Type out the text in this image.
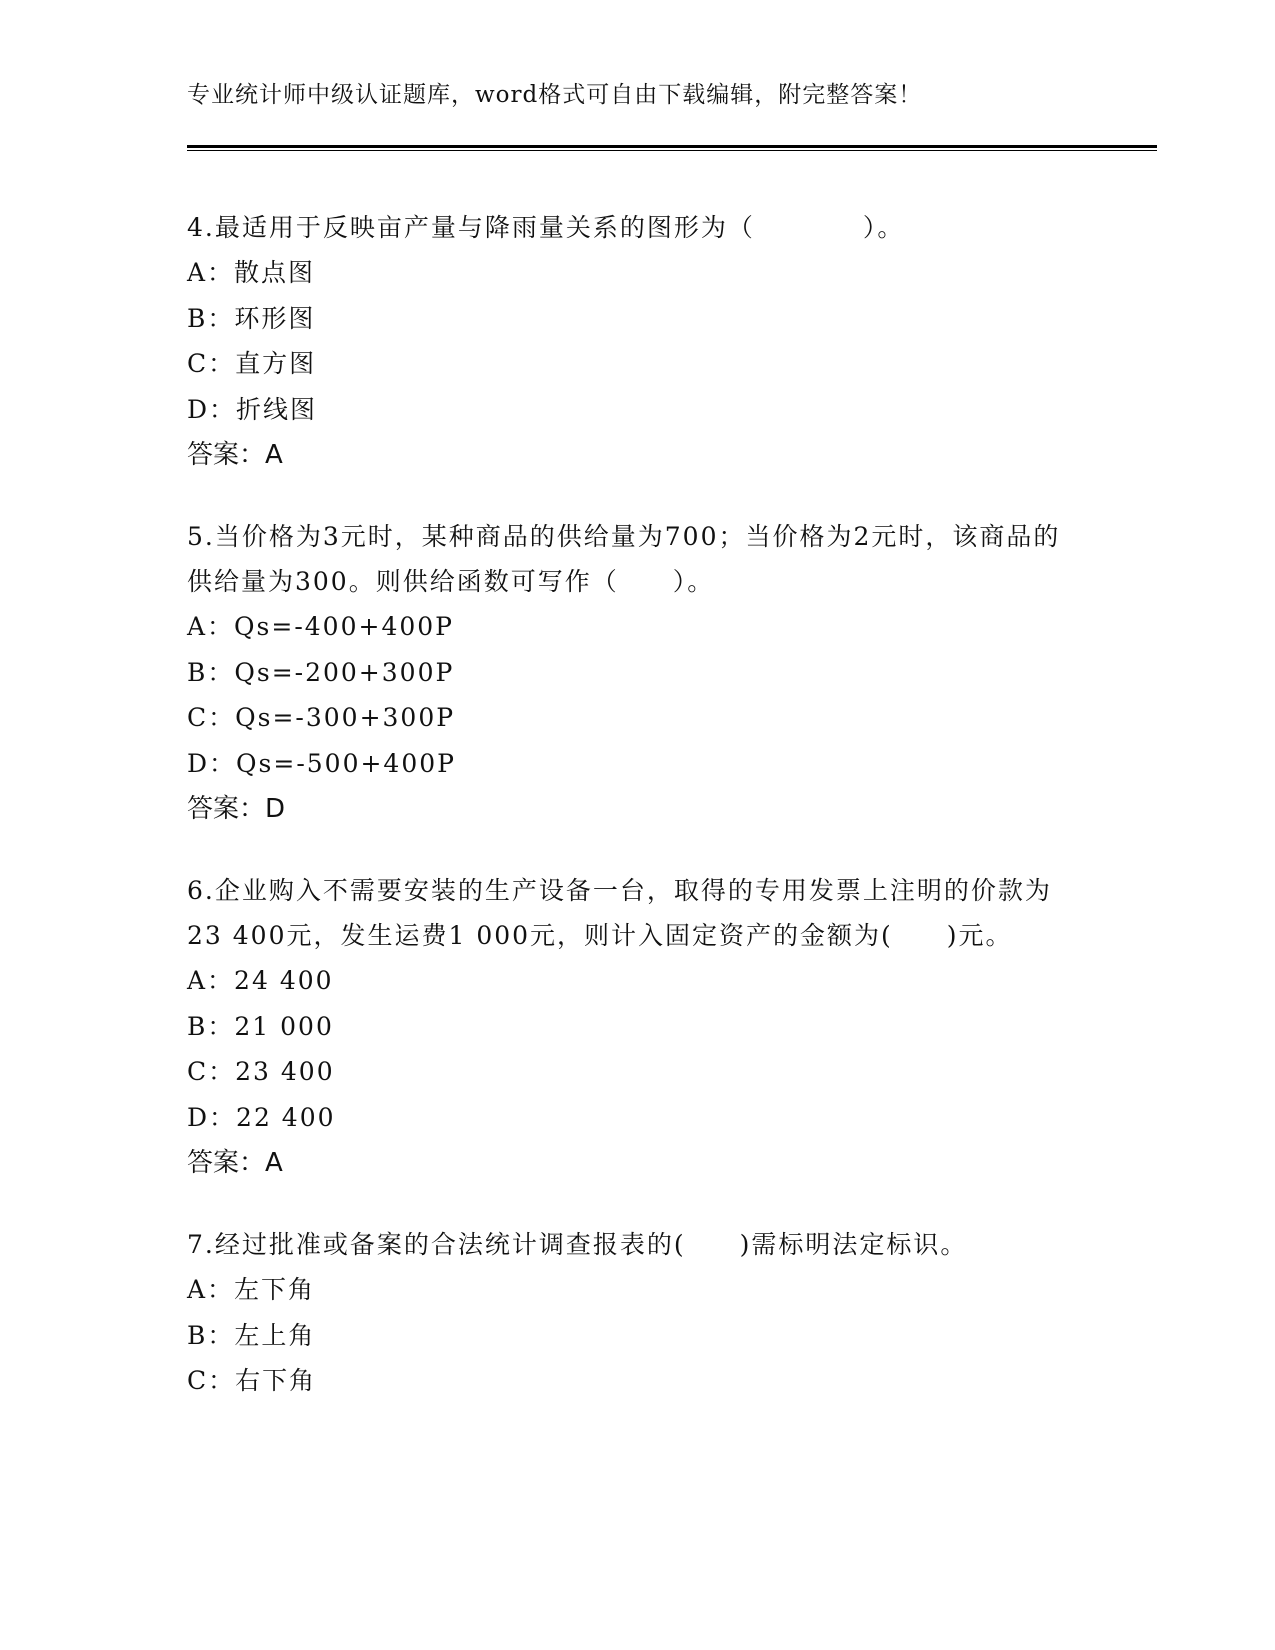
专业统计师中级认证题库，word格式可自由下载编辑，附完整答案！
4.最适用于反映亩产量与降雨量关系的图形为（　　　　）。
A：散点图
B：环形图
C：直方图
D：折线图
答案：A
5.当价格为3元时，某种商品的供给量为700；当价格为2元时，该商品的供给量为300。则供给函数可写作（　　）。
A：Qs=-400+400P
B：Qs=-200+300P
C：Qs=-300+300P
D：Qs=-500+400P
答案：D
6.企业购入不需要安装的生产设备一台，取得的专用发票上注明的价款为23 400元，发生运费1 000元，则计入固定资产的金额为(　　)元。
A：24 400
B：21 000
C：23 400
D：22 400
答案：A
7.经过批准或备案的合法统计调查报表的(　　)需标明法定标识。
A：左下角
B：左上角
C：右下角
